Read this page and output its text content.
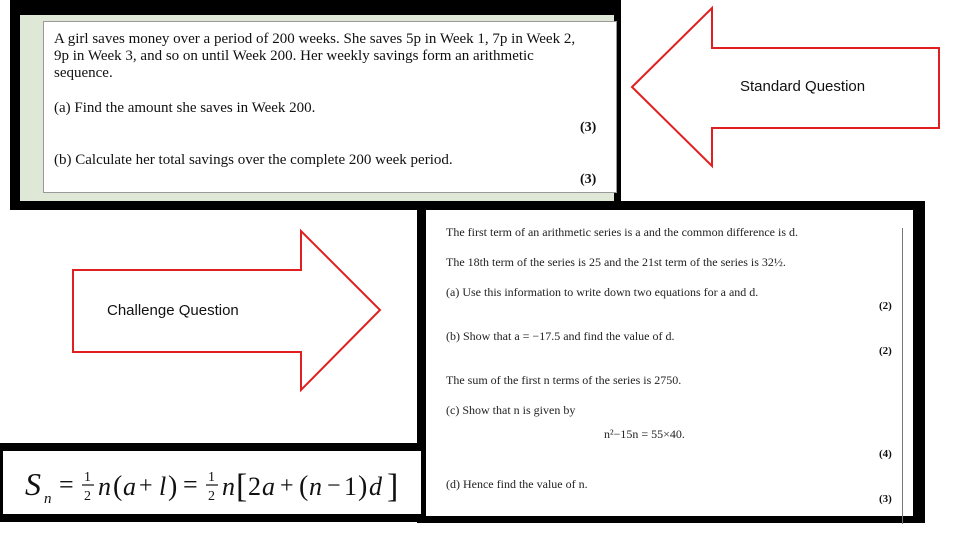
A girl saves money over a period of 200 weeks. She saves 5p in Week 1, 7p in Week 2,
9p in Week 3, and so on until Week 200. Her weekly savings form an arithmetic
sequence.
(a) Find the amount she saves in Week 200.
(3)
(b) Calculate her total savings over the complete 200 week period.
(3)
Standard Question
Challenge Question
The first term of an arithmetic series is a and the common difference is d.
The 18th term of the series is 25 and the 21st term of the series is 32½.
(a) Use this information to write down two equations for a and d.
(2)
(b) Show that a = −17.5 and find the value of d.
(2)
The sum of the first n terms of the series is 2750.
(c) Show that n is given by
n²−15n = 55×40.
(4)
(d) Hence find the value of n.
(3)
Sn = ½n(a + l) = ½n[2a + (n − 1)d]
S n = 1
2 n ( a + l ) = 1
2 n [ 2 a + ( n − 1 ) d ]
